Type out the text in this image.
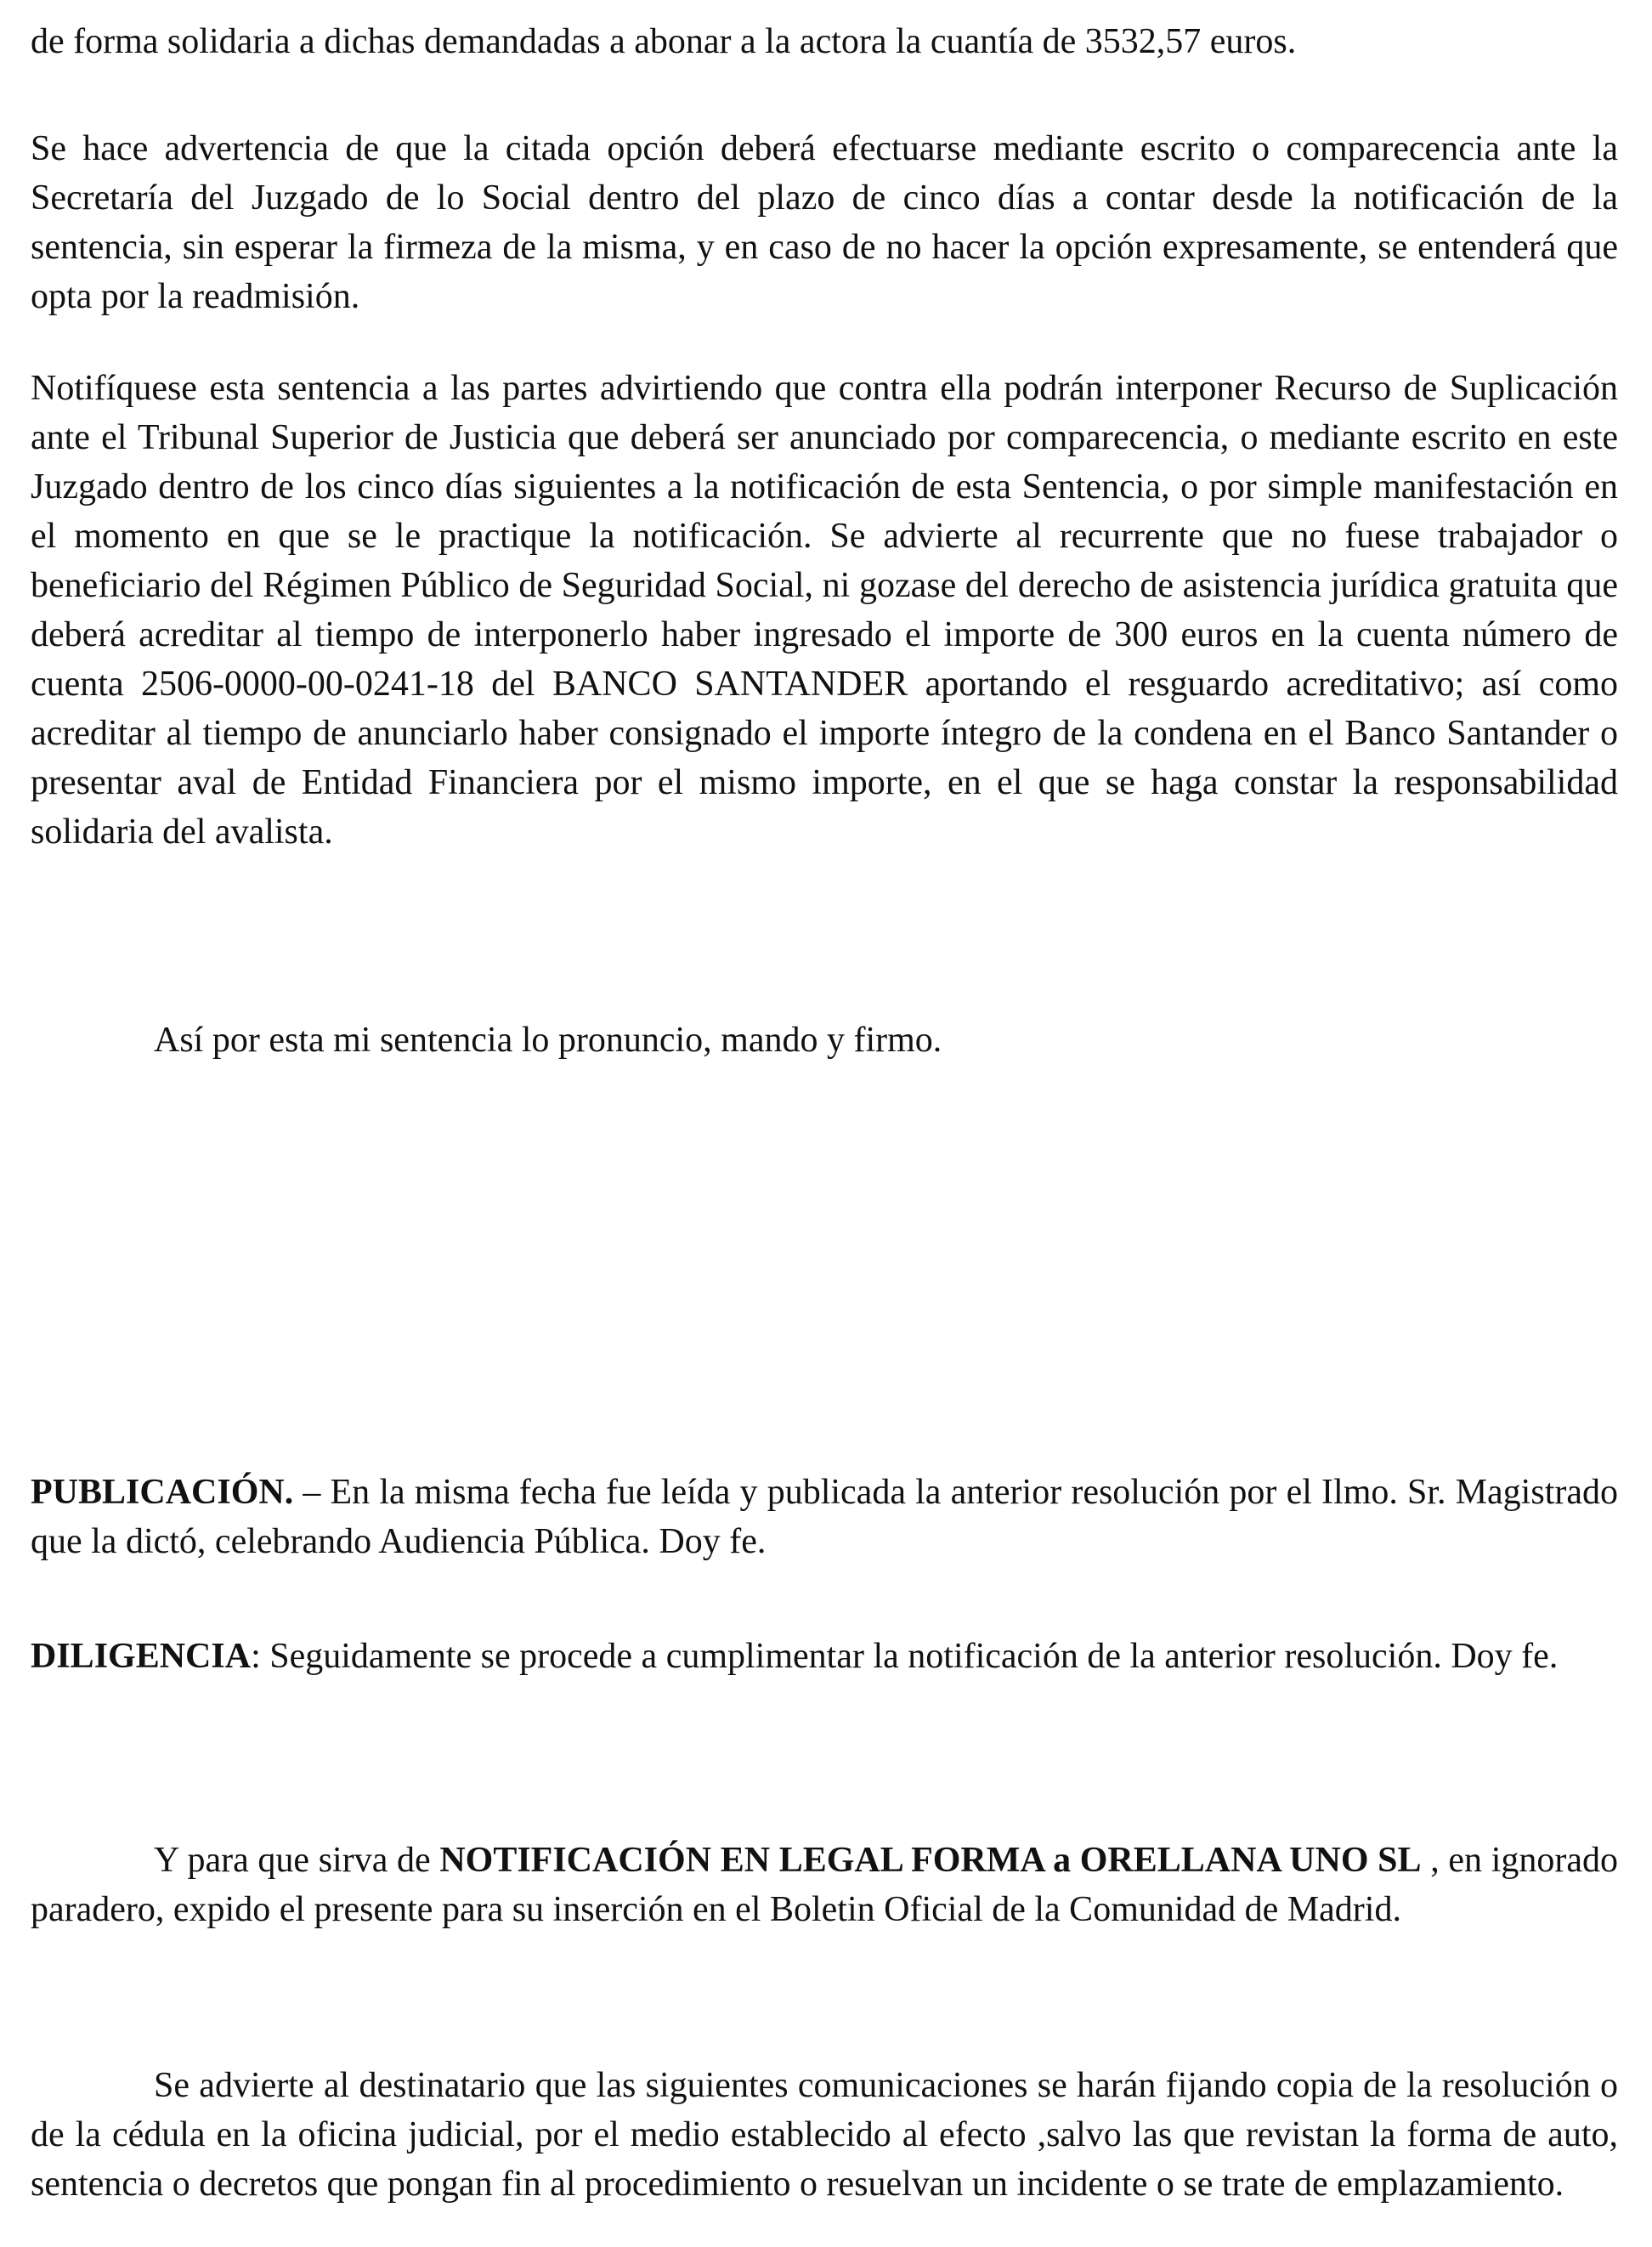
de forma solidaria a dichas demandadas a abonar a la actora la cuantía de 3532,57 euros.

Se hace advertencia de que la citada opción deberá efectuarse mediante escrito o comparecencia ante la Secretaría del Juzgado de lo Social dentro del plazo de cinco días a contar desde la notificación de la sentencia, sin esperar la firmeza de la misma, y en caso de no hacer la opción expresamente, se entenderá que opta por la readmisión.

Notifíquese esta sentencia a las partes advirtiendo que contra ella podrán interponer Recurso de Suplicación ante el Tribunal Superior de Justicia que deberá ser anunciado por comparecencia, o mediante escrito en este Juzgado dentro de los cinco días siguientes a la notificación de esta Sentencia, o por simple manifestación en el momento en que se le practique la notificación. Se advierte al recurrente que no fuese trabajador o beneficiario del Régimen Público de Seguridad Social, ni gozase del derecho de asistencia jurídica gratuita que deberá acreditar al tiempo de interponerlo haber ingresado el importe de 300 euros en la cuenta número de cuenta 2506-0000-00-0241-18 del BANCO SANTANDER aportando el resguardo acreditativo; así como acreditar al tiempo de anunciarlo haber consignado el importe íntegro de la condena en el Banco Santander o presentar aval de Entidad Financiera por el mismo importe, en el que se haga constar la responsabilidad solidaria del avalista.

Así por esta mi sentencia lo pronuncio, mando y firmo.

PUBLICACIÓN. – En la misma fecha fue leída y publicada la anterior resolución por el Ilmo. Sr. Magistrado que la dictó, celebrando Audiencia Pública. Doy fe.

DILIGENCIA: Seguidamente se procede a cumplimentar la notificación de la anterior resolución. Doy fe.

Y para que sirva de NOTIFICACIÓN EN LEGAL FORMA a ORELLANA UNO SL , en ignorado paradero, expido el presente para su inserción en el Boletin Oficial de la Comunidad de Madrid.

Se advierte al destinatario que las siguientes comunicaciones se harán fijando copia de la resolución o de la cédula en la oficina judicial, por el medio establecido al efecto ,salvo las que revistan la forma de auto, sentencia o decretos que pongan fin al procedimiento o resuelvan un incidente o se trate de emplazamiento.
